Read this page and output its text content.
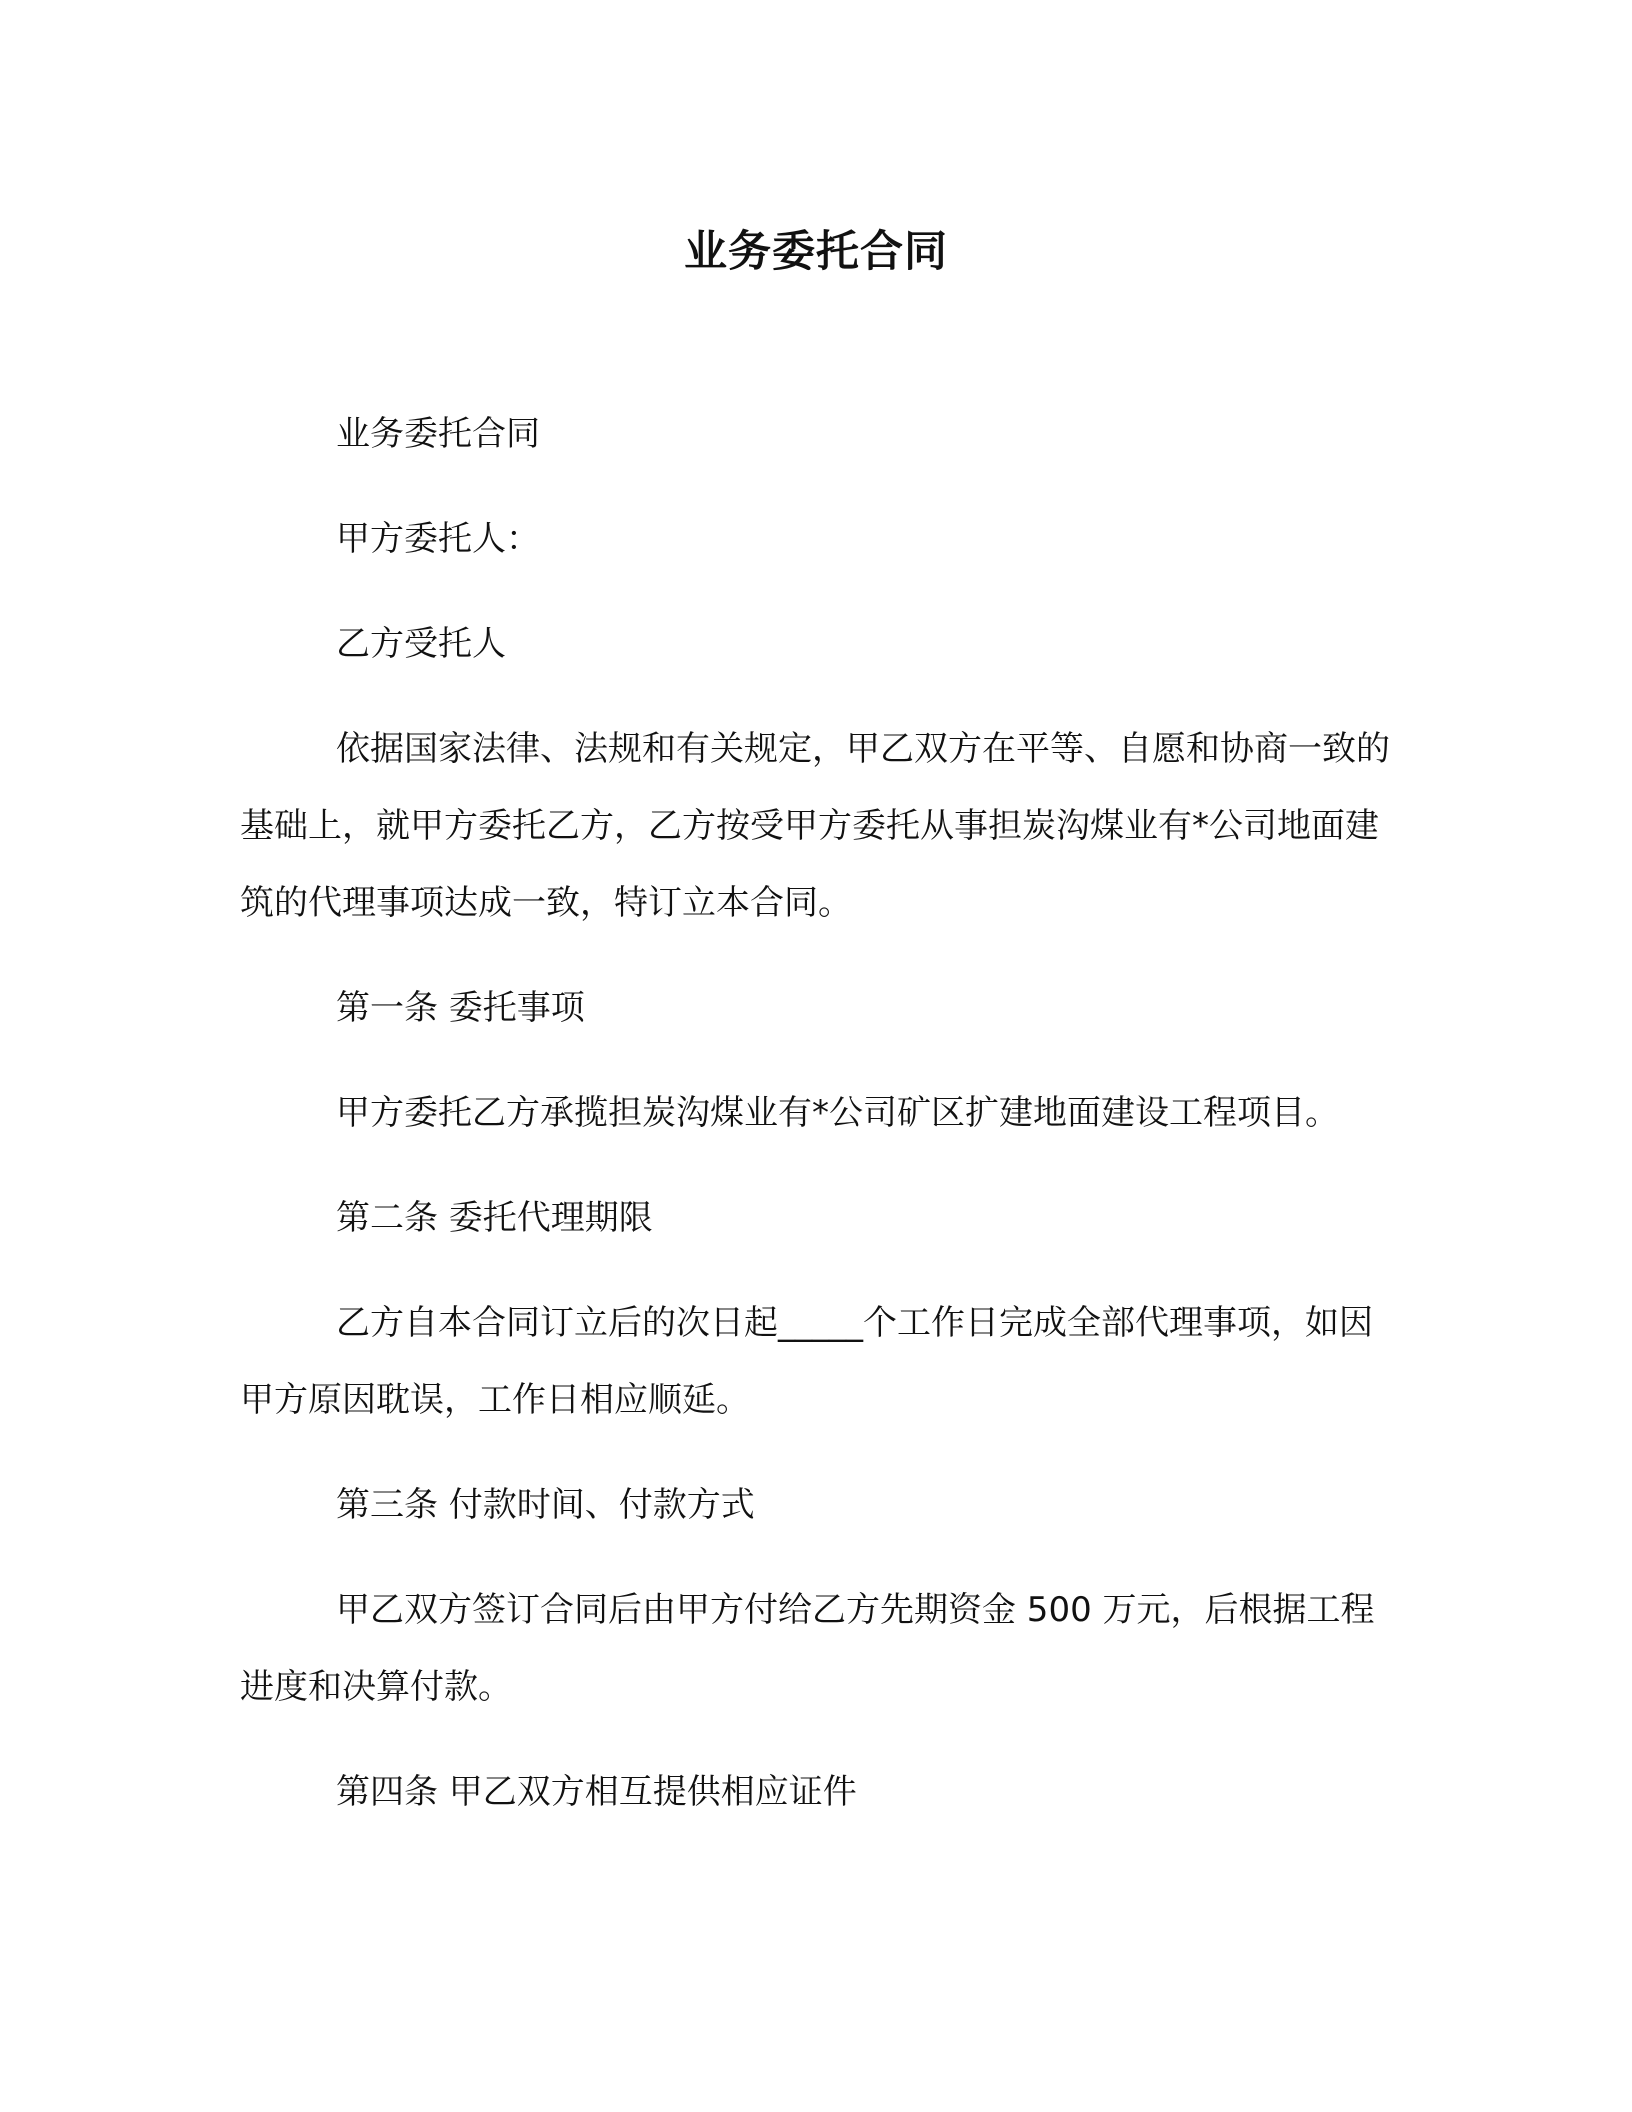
业务委托合同

业务委托合同

甲方委托人：

乙方受托人

依据国家法律、法规和有关规定，甲乙双方在平等、自愿和协商一致的基础上，就甲方委托乙方，乙方按受甲方委托从事担炭沟煤业有*公司地面建筑的代理事项达成一致，特订立本合同。

第一条 委托事项

甲方委托乙方承揽担炭沟煤业有*公司矿区扩建地面建设工程项目。

第二条 委托代理期限

乙方自本合同订立后的次日起_____个工作日完成全部代理事项，如因甲方原因耽误，工作日相应顺延。

第三条 付款时间、付款方式

甲乙双方签订合同后由甲方付给乙方先期资金 500 万元，后根据工程进度和决算付款。

第四条 甲乙双方相互提供相应证件
